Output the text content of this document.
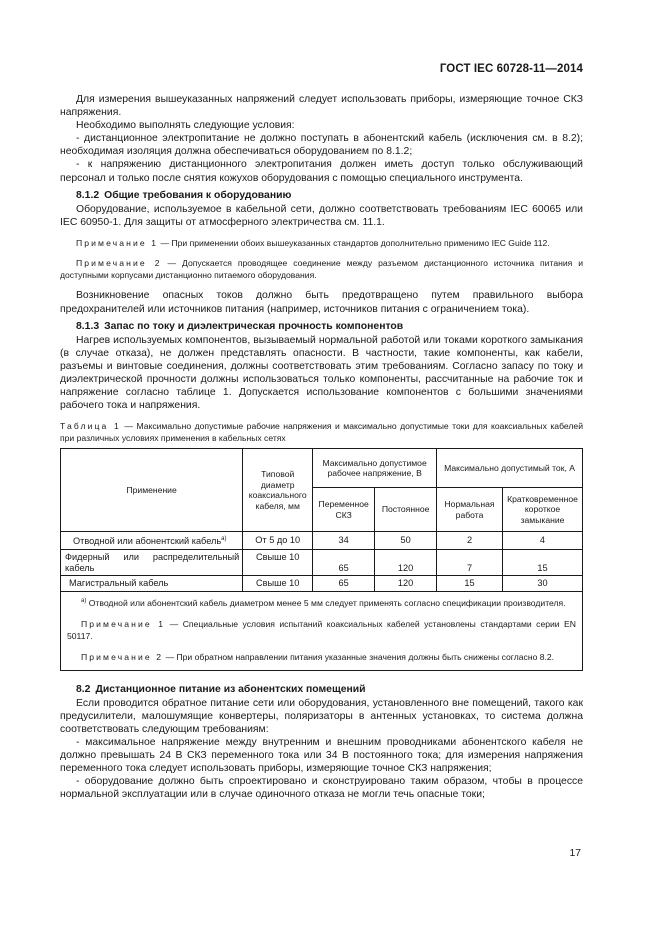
ГОСТ IEC 60728-11—2014

Для измерения вышеуказанных напряжений следует использовать приборы, измеряющие точное СКЗ напряжения.

Необходимо выполнять следующие условия:

- дистанционное электропитание не должно поступать в абонентский кабель (исключения см. в 8.2); необходимая изоляция должна обеспечиваться оборудованием по 8.1.2;

- к напряжению дистанционного электропитания должен иметь доступ только обслуживающий персонал и только после снятия кожухов оборудования с помощью специального инструмента.

8.1.2 Общие требования к оборудованию

Оборудование, используемое в кабельной сети, должно соответствовать требованиям IEC 60065 или IEC 60950-1. Для защиты от атмосферного электричества см. 11.1.

Примечание 1 — При применении обоих вышеуказанных стандартов дополнительно применимо IEC Guide 112.

Примечание 2 — Допускается проводящее соединение между разъемом дистанционного источника питания и доступными корпусами дистанционно питаемого оборудования.

Возникновение опасных токов должно быть предотвращено путем правильного выбора предохранителей или источников питания (например, источников питания с ограничением тока).

8.1.3 Запас по току и диэлектрическая прочность компонентов

Нагрев используемых компонентов, вызываемый нормальной работой или токами короткого замыкания (в случае отказа), не должен представлять опасности. В частности, такие компоненты, как кабели, разъемы и винтовые соединения, должны соответствовать этим требованиям. Согласно запасу по току и диэлектрической прочности должны использоваться только компоненты, рассчитанные на рабочие ток и напряжение согласно таблице 1. Допускается использование компонентов с большими значениями рабочего тока и напряжения.

Таблица 1 — Максимально допустимые рабочие напряжения и максимально допустимые токи для коаксиальных кабелей при различных условиях применения в кабельных сетях

Применение	Типовой диаметр коаксиального кабеля, мм	Максимально допустимое рабочее напряжение, В		Максимально допустимый ток, А	
		Переменное СКЗ	Постоянное	Нормальная работа	Кратковременное короткое замыкание
Отводной или абонентский кабель$^{а)}$	От 5 до 10	34	50	2	4
Фидерный или распределительный кабель	Свыше 10	65	120	7	15
Магистральный кабель	Свыше 10	65	120	15	30

$^{а)}$ Отводной или абонентский кабель диаметром менее 5 мм следует применять согласно спецификации производителя.

Примечание 1 — Специальные условия испытаний коаксиальных кабелей установлены стандартами серии EN 50117.

Примечание 2 — При обратном направлении питания указанные значения должны быть снижены согласно 8.2.

8.2 Дистанционное питание из абонентских помещений

Если проводится обратное питание сети или оборудования, установленного вне помещений, такого как предусилители, малошумящие конвертеры, поляризаторы в антенных установках, то система должна соответствовать следующим требованиям:

- максимальное напряжение между внутренним и внешним проводниками абонентского кабеля не должно превышать 24 В СКЗ переменного тока или 34 В постоянного тока; для измерения напряжения переменного тока следует использовать приборы, измеряющие точное СКЗ напряжения;

- оборудование должно быть спроектировано и сконструировано таким образом, чтобы в процессе нормальной эксплуатации или в случае одиночного отказа не могли течь опасные токи;

17
